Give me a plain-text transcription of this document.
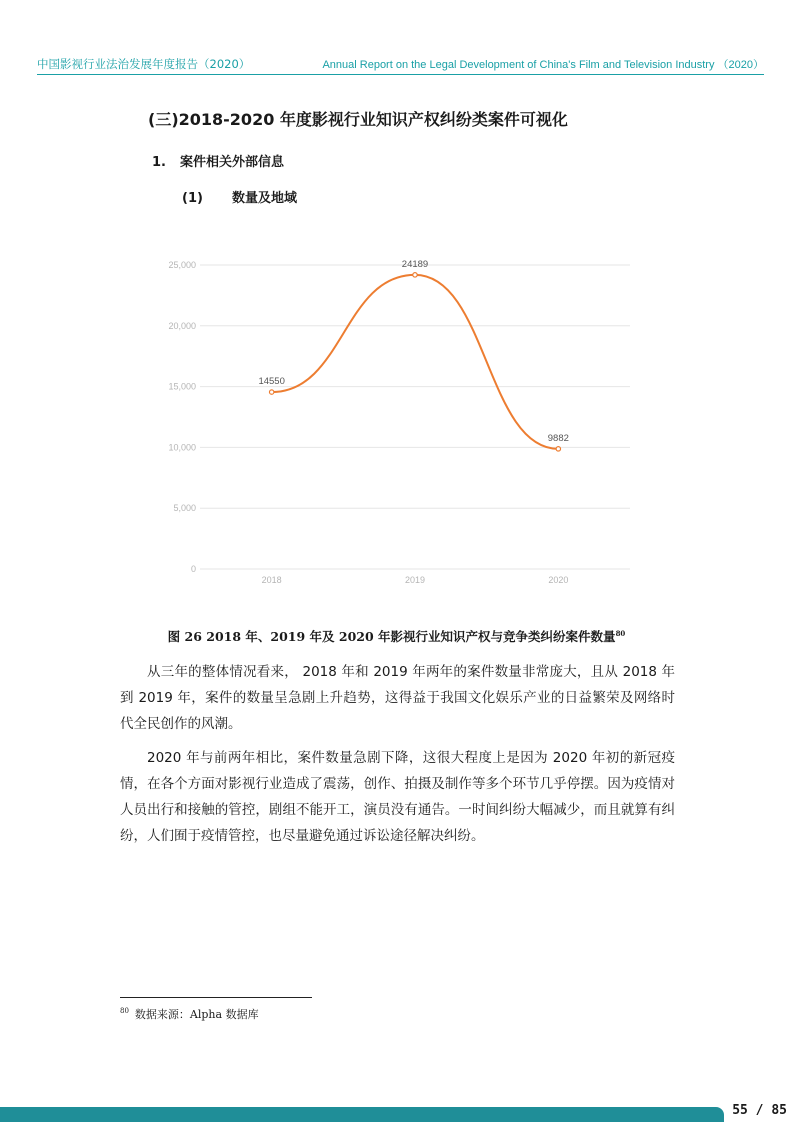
中国影视行业法治发展年度报告（2020）	Annual Report on the Legal Development of China's Film and Television Industry （2020）
(三)2018-2020 年度影视行业知识产权纠纷类案件可视化
1. 案件相关外部信息
(1) 数量及地域
0
5,000
10,000
15,000
20,000
25,000
2018	2019	2020
14550
24189
9882
图 26 2018 年、2019 年及 2020 年影视行业知识产权与竞争类纠纷案件数量$^{80}$

从三年的整体情况看来， 2018 年和 2019 年两年的案件数量非常庞大，且从 2018 年到 2019 年，案件的数量呈急剧上升趋势，这得益于我国文化娱乐产业的日益繁荣及网络时代全民创作的风潮。

2020 年与前两年相比，案件数量急剧下降，这很大程度上是因为 2020 年初的新冠疫情，在各个方面对影视行业造成了震荡，创作、拍摄及制作等多个环节几乎停摆。因为疫情对人员出行和接触的管控，剧组不能开工，演员没有通告。一时间纠纷大幅减少，而且就算有纠纷，人们囿于疫情管控，也尽量避免通过诉讼途径解决纠纷。

$^{80}$ 数据来源：Alpha 数据库
55 / 85
